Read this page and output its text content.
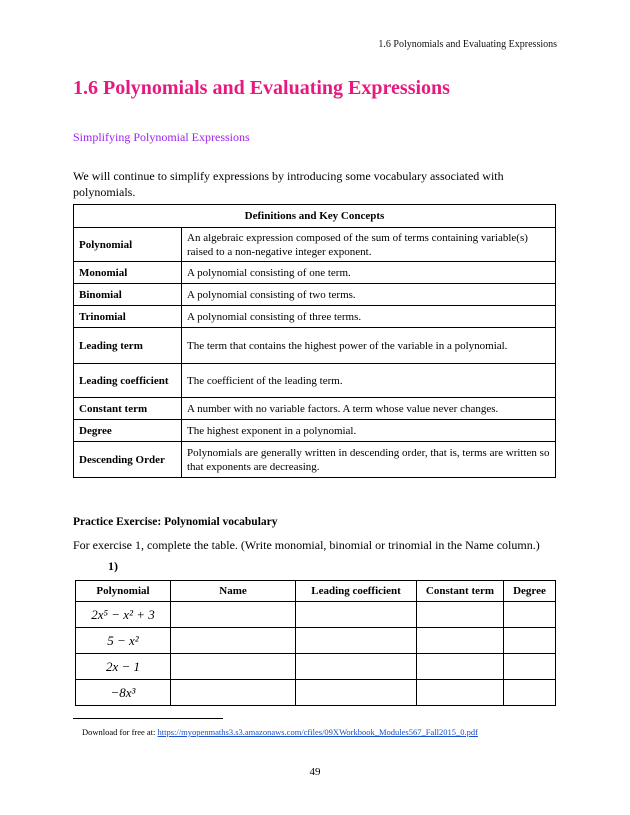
1.6 Polynomials and Evaluating Expressions
1.6 Polynomials and Evaluating Expressions
Simplifying Polynomial Expressions
We will continue to simplify expressions by introducing some vocabulary associated with polynomials.
Definitions and Key Concepts	
Polynomial	An algebraic expression composed of the sum of terms containing variable(s) raised to a non-negative integer exponent.
Monomial	A polynomial consisting of one term.
Binomial	A polynomial consisting of two terms.
Trinomial	A polynomial consisting of three terms.
Leading term	The term that contains the highest power of the variable in a polynomial.
Leading coefficient	The coefficient of the leading term.
Constant term	A number with no variable factors. A term whose value never changes.
Degree	The highest exponent in a polynomial.
Descending Order	Polynomials are generally written in descending order, that is, terms are written so that exponents are decreasing.
Practice Exercise: Polynomial vocabulary
For exercise 1, complete the table. (Write monomial, binomial or trinomial in the Name column.)
1)
Polynomial	Name	Leading coefficient	Constant term	Degree
2x⁵ − x² + 3				
5 − x²				
2x − 1				
−8x³				
Download for free at: https://myopenmaths3.s3.amazonaws.com/cfiles/09XWorkbook_Modules567_Fall2015_0.pdf
49
